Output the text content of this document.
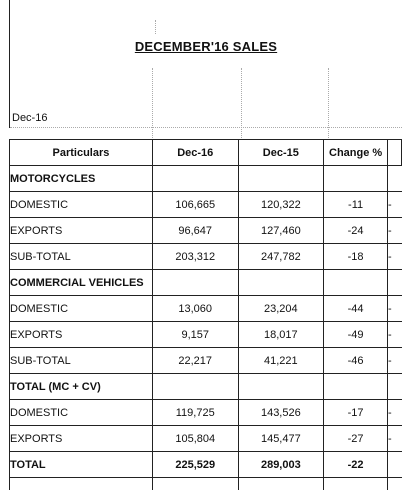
DECEMBER'16 SALES
Dec-16
Particulars	Dec-16	Dec-15	Change %	
MOTORCYCLES				
DOMESTIC	106,665	120,322	-11	-
EXPORTS	96,647	127,460	-24	-
SUB-TOTAL	203,312	247,782	-18	-
COMMERCIAL VEHICLES				
DOMESTIC	13,060	23,204	-44	-
EXPORTS	9,157	18,017	-49	-
SUB-TOTAL	22,217	41,221	-46	-
TOTAL (MC + CV)				
DOMESTIC	119,725	143,526	-17	-
EXPORTS	105,804	145,477	-27	-
TOTAL	225,529	289,003	-22	
